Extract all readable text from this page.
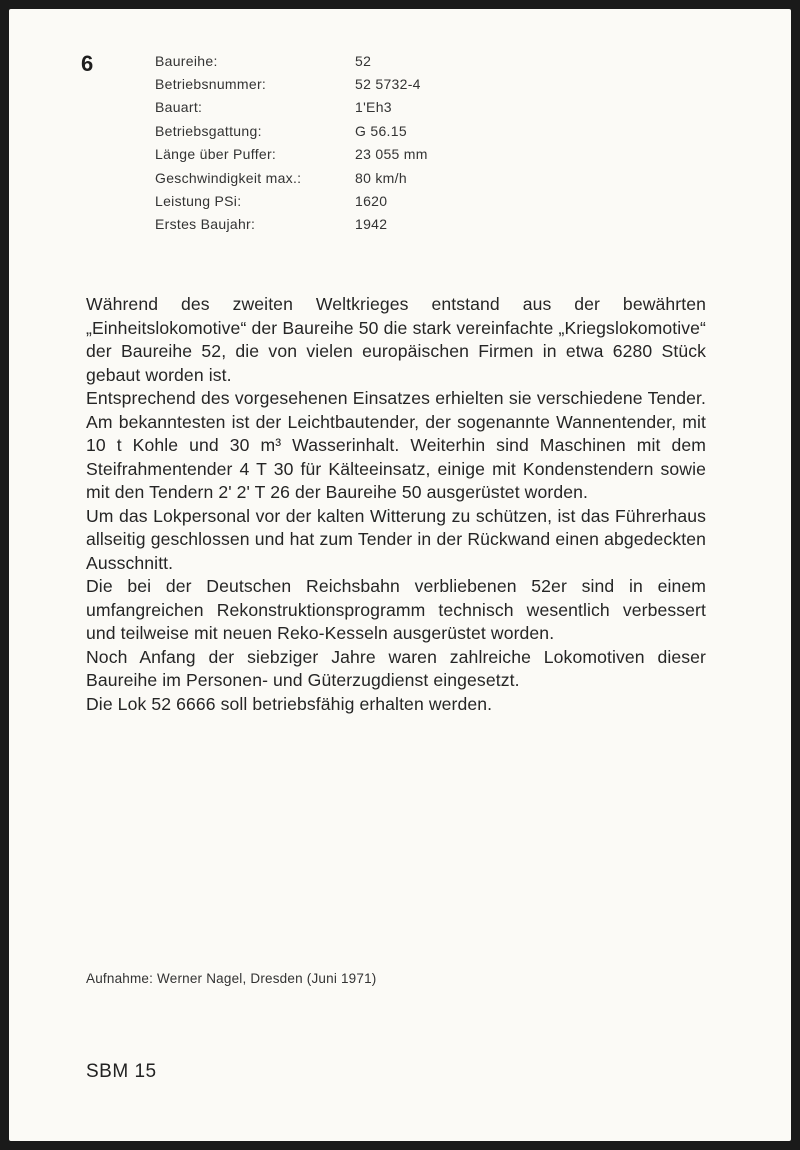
6	Baureihe:	52
Betriebsnummer:	52 5732-4
Bauart:	1'Eh3
Betriebsgattung:	G 56.15
Länge über Puffer:	23 055 mm
Geschwindigkeit max.:	80 km/h
Leistung PSi:	1620
Erstes Baujahr:	1942

Während des zweiten Weltkrieges entstand aus der bewährten „Einheitslokomotive“ der Baureihe 50 die stark vereinfachte „Kriegslokomotive“ der Baureihe 52, die von vielen europäischen Firmen in etwa 6280 Stück gebaut worden ist.

Entsprechend des vorgesehenen Einsatzes erhielten sie verschiedene Tender. Am bekanntesten ist der Leichtbautender, der sogenannte Wannentender, mit 10 t Kohle und 30 m³ Wasserinhalt. Weiterhin sind Maschinen mit dem Steifrahmentender 4 T 30 für Kälteeinsatz, einige mit Kondenstendern sowie mit den Tendern 2' 2' T 26 der Baureihe 50 ausgerüstet worden.

Um das Lokpersonal vor der kalten Witterung zu schützen, ist das Führerhaus allseitig geschlossen und hat zum Tender in der Rückwand einen abgedeckten Ausschnitt.

Die bei der Deutschen Reichsbahn verbliebenen 52er sind in einem umfangreichen Rekonstruktionsprogramm technisch wesentlich verbessert und teilweise mit neuen Reko-Kesseln ausgerüstet worden.

Noch Anfang der siebziger Jahre waren zahlreiche Lokomotiven dieser Baureihe im Personen- und Güterzugdienst eingesetzt.

Die Lok 52 6666 soll betriebsfähig erhalten werden.

Aufnahme: Werner Nagel, Dresden (Juni 1971)
SBM 15
